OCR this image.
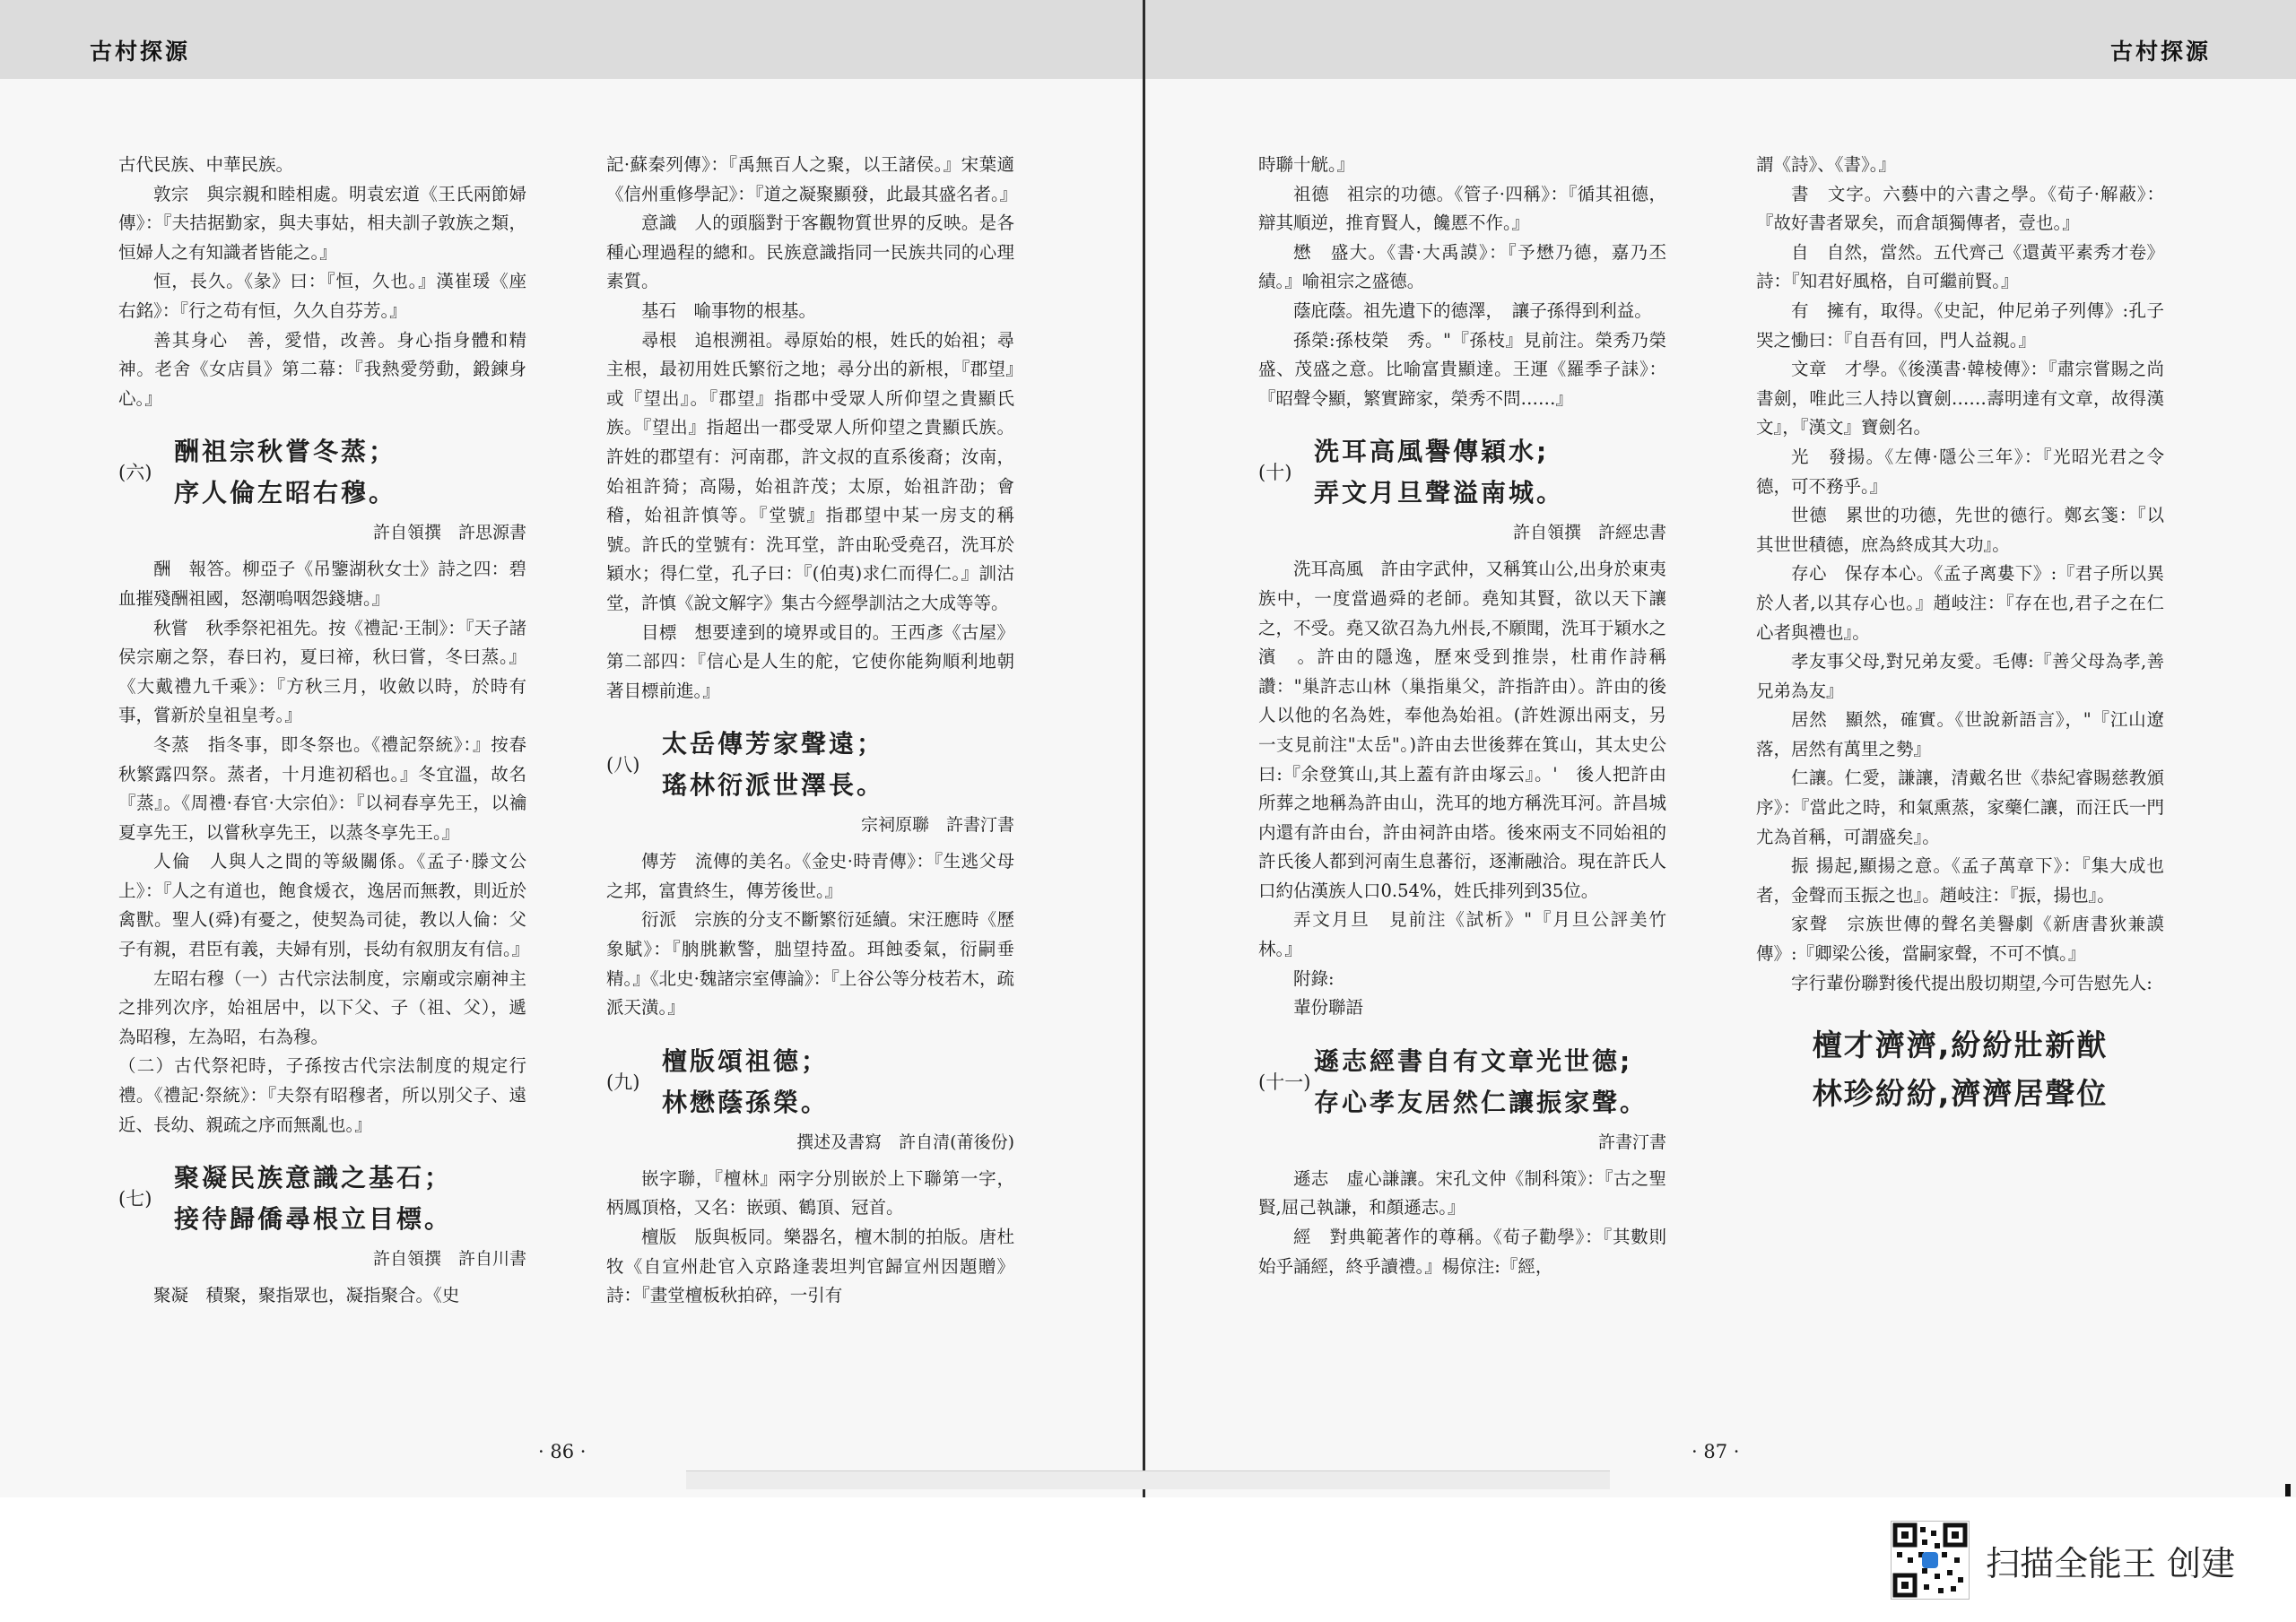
古村探源

古代民族、中華民族。

敦宗　與宗親和睦相處。明袁宏道《王氏兩節婦傳》：『夫拮据勤家，與夫事姑，相夫訓子敦族之類，恒婦人之有知識者皆能之。』

恒，長久。《彖》曰：『恒，久也。』漢崔瑗《座右銘》：『行之苟有恒，久久自芬芳。』

善其身心　善，愛惜，改善。身心指身體和精神。老舍《女店員》第二幕：『我熱愛勞動，鍛鍊身心。』

(六)
酬祖宗秋嘗冬蒸；
序人倫左昭右穆。
許自領撰　許思源書

酬　報答。柳亞子《吊鑒湖秋女士》詩之四：碧血摧殘酬祖國，怒潮嗚咽怨錢塘。』

秋嘗　秋季祭祀祖先。按《禮記·王制》：『天子諸侯宗廟之祭，春曰礿，夏曰禘，秋曰嘗，冬曰蒸。』《大戴禮九千乘》：『方秋三月，收斂以時，於時有事，嘗新於皇祖皇考。』

冬蒸　指冬事，即冬祭也。《禮記祭統》：』按春秋繁露四祭。蒸者，十月進初稻也。』冬宜溫，故名『蒸』。《周禮·春官·大宗伯》：『以祠春享先王，以禴夏享先王，以嘗秋享先王，以蒸冬享先王。』

人倫　人與人之間的等級關係。《孟子·滕文公上》：『人之有道也，飽食煖衣，逸居而無教，則近於禽獸。聖人(舜)有憂之，使契為司徒，教以人倫：父子有親，君臣有義，夫婦有別，長幼有叙朋友有信。』

左昭右穆（一）古代宗法制度，宗廟或宗廟神主之排列次序，始祖居中，以下父、子（祖、父），遞為昭穆，左為昭，右為穆。

（二）古代祭祀時，子孫按古代宗法制度的規定行禮。《禮記·祭統》：『夫祭有昭穆者，所以別父子、遠近、長幼、親疏之序而無亂也。』

(七)
聚凝民族意識之基石；
接待歸僑尋根立目標。
許自領撰　許自川書

聚凝　積聚，聚指眾也，凝指聚合。《史

記·蘇秦列傳》：『禹無百人之聚，以王諸侯。』宋葉適《信州重修學記》：『道之凝聚顯發，此最其盛名者。』

意識　人的頭腦對于客觀物質世界的反映。是各種心理過程的總和。民族意識指同一民族共同的心理素質。

基石　喻事物的根基。

尋根　追根溯祖。尋原始的根，姓氏的始祖；尋主根，最初用姓氏繁衍之地；尋分出的新根，『郡望』或『望出』。『郡望』指郡中受眾人所仰望之貴顯氏族。『望出』指超出一郡受眾人所仰望之貴顯氏族。許姓的郡望有：河南郡，許文叔的直系後裔；汝南，始祖許猗；高陽，始祖許茂；太原，始祖許劭；會稽，始祖許慎等。『堂號』指郡望中某一房支的稱號。許氏的堂號有：洗耳堂，許由恥受堯召，洗耳於穎水；得仁堂，孔子曰：『(伯夷)求仁而得仁。』訓沽堂，許慎《說文解字》集古今經學訓沽之大成等等。

目標　想要達到的境界或目的。王西彥《古屋》第二部四：『信心是人生的舵，它使你能夠順利地朝著目標前進。』

(八)
太岳傳芳家聲遠；
瑤林衍派世澤長。
宗祠原聯　許書汀書

傳芳　流傳的美名。《金史·時青傳》：『生逃父母之邦，富貴終生，傳芳後世。』

衍派　宗族的分支不斷繁衍延續。宋汪應時《歷象賦》：『朒朓歉警，朏望持盈。珥蝕委氣，衍嗣垂精。』《北史·魏諸宗室傳論》：『上谷公等分枝若木，疏派天潢。』

(九)
檀版頌祖德；
林懋蔭孫榮。
撰述及書寫　許自清(莆後份)

嵌字聯，『檀林』兩字分別嵌於上下聯第一字，柄鳳頂格，又名：嵌頭、鶴頂、冠首。

檀版　版與板同。樂器名，檀木制的拍版。唐杜牧《自宣州赴官入京路逢裴坦判官歸宣州因題贈》詩：『畫堂檀板秋拍碎，一引有

· 86 ·
古村探源

時聯十觥。』

祖德　祖宗的功德。《管子·四稱》：『循其祖德，辯其順逆，推育賢人，饞慝不作。』

懋　盛大。《書·大禹謨》：『予懋乃德，嘉乃丕績。』喻祖宗之盛德。

蔭庇蔭。祖先遺下的德澤，　讓子孫得到利益。

孫榮:孫枝榮　秀。"『孫枝』見前注。榮秀乃榮　盛、茂盛之意。比喻富貴顯達。王運《羅季子誄》：『昭聲令顯，繁實蹄家，榮秀不問……』

(十)
洗耳高風譽傳穎水;
弄文月旦聲溢南城。
許自領撰　許經忠書

洗耳高風　許由字武仲，又稱箕山公,出身於東夷族中，一度當過舜的老師。堯知其賢，欲以天下讓之，不受。堯又欲召為九州長,不願聞，洗耳于穎水之濱　。許由的隱逸，歷來受到推崇，杜甫作詩稱讚："巢許志山林（巢指巢父，許指許由）。許由的後人以他的名為姓，奉他為始祖。(許姓源出兩支，另一支見前注"太岳"。)許由去世後葬在箕山，其太史公曰:『余登箕山,其上蓋有許由塚云』。'　後人把許由所葬之地稱為許由山，洗耳的地方稱洗耳河。許昌城内還有許由台，許由祠許由塔。後來兩支不同始祖的許氏後人都到河南生息蕃衍，逐漸融洽。現在許氏人口約佔漢族人口0.54%，姓氏排列到35位。

弄文月旦　見前注《試析》"『月旦公評美竹林。』

附錄:

輩份聯語

(十一)
遜志經書自有文章光世德;
存心孝友居然仁讓振家聲。
許書汀書

遜志　虛心謙讓。宋孔文仲《制科策》：『古之聖賢,屈己執謙，和顏遜志。』

經　對典範著作的尊稱。《荀子勸學》：『其數則始乎誦經，終乎讀禮。』楊倞注:『經，

謂《詩》、《書》。』

書　文字。六藝中的六書之學。《荀子·解蔽》：『故好書者眾矣，而倉頡獨傳者，壹也。』

自　自然，當然。五代齊己《還黃平素秀才卷》詩：『知君好風格，自可繼前賢。』

有　擁有，取得。《史記，仲尼弟子列傳》:孔子哭之慟曰：『自吾有回，門人益親。』

文章　才學。《後漢書·韓棱傳》：『肅宗嘗賜之尚書劍，唯此三人持以寶劍……壽明達有文章，故得漢文』，『漢文』寶劍名。

光　發揚。《左傳·隱公三年》：『光昭光君之令德，可不務乎。』

世德　累世的功德，先世的德行。鄭玄箋：『以其世世積德，庶為終成其大功』。

存心　保存本心。《孟子离婁下》:『君子所以異於人者,以其存心也。』趙岐注：『存在也,君子之在仁心者與禮也』。

孝友事父母,對兄弟友愛。毛傳:『善父母為孝,善兄弟為友』

居然　顯然，確實。《世說新語言》，"『江山遼落，居然有萬里之勢』

仁讓。仁愛，謙讓，清戴名世《恭紀睿賜慈教頒序》：『當此之時，和氣熏蒸，家藥仁讓，而汪氏一門尤為首稱，可謂盛矣』。

振 揚起,顯揚之意。《孟子萬章下》：『集大成也者，金聲而玉振之也』。趙岐注：『振，揚也』。

家聲　宗族世傳的聲名美譽劇《新唐書狄兼謨傳》:『卿梁公後，當嗣家聲，不可不慎。』

字行輩份聯對後代提出殷切期望,今可告慰先人:

檀才濟濟,紛紛壯新猷
林珍紛紛,濟濟居聲位
· 87 ·
扫描全能王 创建
